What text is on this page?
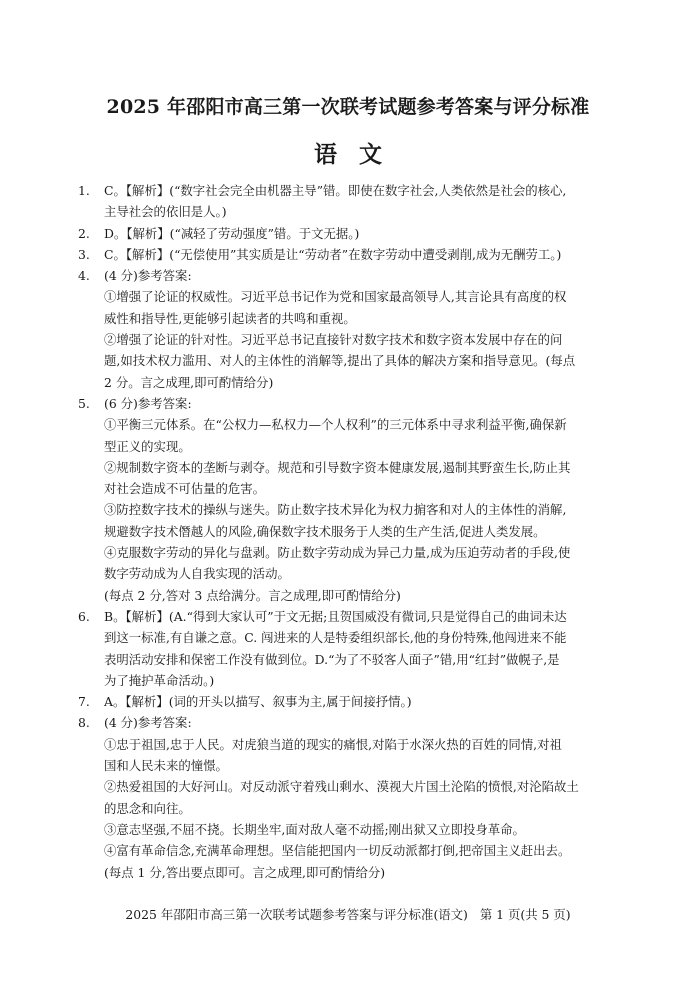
2025 年邵阳市高三第一次联考试题参考答案与评分标准
语文
1. C。【解析】(“数字社会完全由机器主导”错。即使在数字社会,人类依然是社会的核心,
主导社会的依旧是人。)
2. D。【解析】(“减轻了劳动强度”错。于文无据。)
3. C。【解析】(“无偿使用”其实质是让“劳动者”在数字劳动中遭受剥削,成为无酬劳工。)
4. (4 分)参考答案:
①增强了论证的权威性。习近平总书记作为党和国家最高领导人,其言论具有高度的权
威性和指导性,更能够引起读者的共鸣和重视。
②增强了论证的针对性。习近平总书记直接针对数字技术和数字资本发展中存在的问
题,如技术权力滥用、对人的主体性的消解等,提出了具体的解决方案和指导意见。(每点
2 分。言之成理,即可酌情给分)
5. (6 分)参考答案:
①平衡三元体系。在“公权力—私权力—个人权利”的三元体系中寻求利益平衡,确保新
型正义的实现。
②规制数字资本的垄断与剥夺。规范和引导数字资本健康发展,遏制其野蛮生长,防止其
对社会造成不可估量的危害。
③防控数字技术的操纵与迷失。防止数字技术异化为权力掮客和对人的主体性的消解,
规避数字技术僭越人的风险,确保数字技术服务于人类的生产生活,促进人类发展。
④克服数字劳动的异化与盘剥。防止数字劳动成为异己力量,成为压迫劳动者的手段,使
数字劳动成为人自我实现的活动。
(每点 2 分,答对 3 点给满分。言之成理,即可酌情给分)
6. B。【解析】(A.“得到大家认可”于文无据;且贺国威没有微词,只是觉得自己的曲词未达
到这一标准,有自谦之意。C. 闯进来的人是特委组织部长,他的身份特殊,他闯进来不能
表明活动安排和保密工作没有做到位。D.“为了不驳客人面子”错,用“红封”做幌子,是
为了掩护革命活动。)
7. A。【解析】(词的开头以描写、叙事为主,属于间接抒情。)
8. (4 分)参考答案:
①忠于祖国,忠于人民。对虎狼当道的现实的痛恨,对陷于水深火热的百姓的同情,对祖
国和人民未来的憧憬。
②热爱祖国的大好河山。对反动派守着残山剩水、漠视大片国土沦陷的愤恨,对沦陷故土
的思念和向往。
③意志坚强,不屈不挠。长期坐牢,面对敌人毫不动摇;刚出狱又立即投身革命。
④富有革命信念,充满革命理想。坚信能把国内一切反动派都打倒,把帝国主义赶出去。
(每点 1 分,答出要点即可。言之成理,即可酌情给分)
2025 年邵阳市高三第一次联考试题参考答案与评分标准(语文) 第 1 页(共 5 页)
